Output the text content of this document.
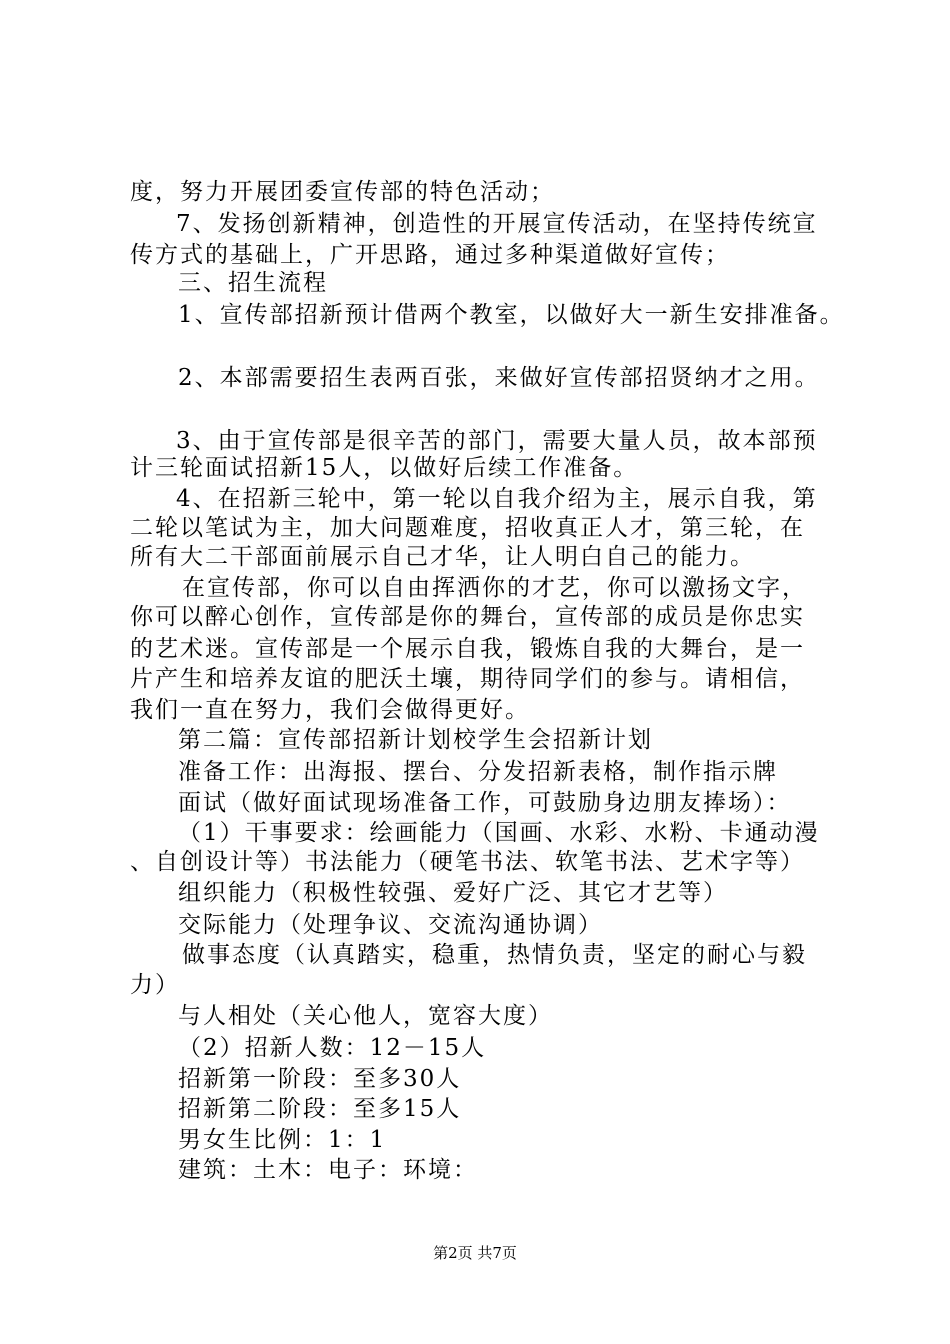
度，努力开展团委宣传部的特色活动；
7、发扬创新精神，创造性的开展宣传活动，在坚持传统宣
传方式的基础上，广开思路，通过多种渠道做好宣传；
三、招生流程
1、宣传部招新预计借两个教室，以做好大一新生安排准备。
2、本部需要招生表两百张，来做好宣传部招贤纳才之用。
3、由于宣传部是很辛苦的部门，需要大量人员，故本部预
计三轮面试招新15人，以做好后续工作准备。
4、在招新三轮中，第一轮以自我介绍为主，展示自我，第
二轮以笔试为主，加大问题难度，招收真正人才，第三轮，在
所有大二干部面前展示自己才华，让人明白自己的能力。
在宣传部，你可以自由挥洒你的才艺，你可以激扬文字，
你可以醉心创作，宣传部是你的舞台，宣传部的成员是你忠实
的艺术迷。宣传部是一个展示自我，锻炼自我的大舞台，是一
片产生和培养友谊的肥沃土壤，期待同学们的参与。请相信，
我们一直在努力，我们会做得更好。
第二篇：宣传部招新计划校学生会招新计划
准备工作：出海报、摆台、分发招新表格，制作指示牌
面试（做好面试现场准备工作，可鼓励身边朋友捧场）：
（1）干事要求：绘画能力（国画、水彩、水粉、卡通动漫
、自创设计等）书法能力（硬笔书法、软笔书法、艺术字等）
组织能力（积极性较强、爱好广泛、其它才艺等）
交际能力（处理争议、交流沟通协调）
做事态度（认真踏实，稳重，热情负责，坚定的耐心与毅
力）
与人相处（关心他人，宽容大度）
（2）招新人数：12－15人
招新第一阶段：至多30人
招新第二阶段：至多15人
男女生比例：1：1
建筑：土木：电子：环境：
第2页 共7页
